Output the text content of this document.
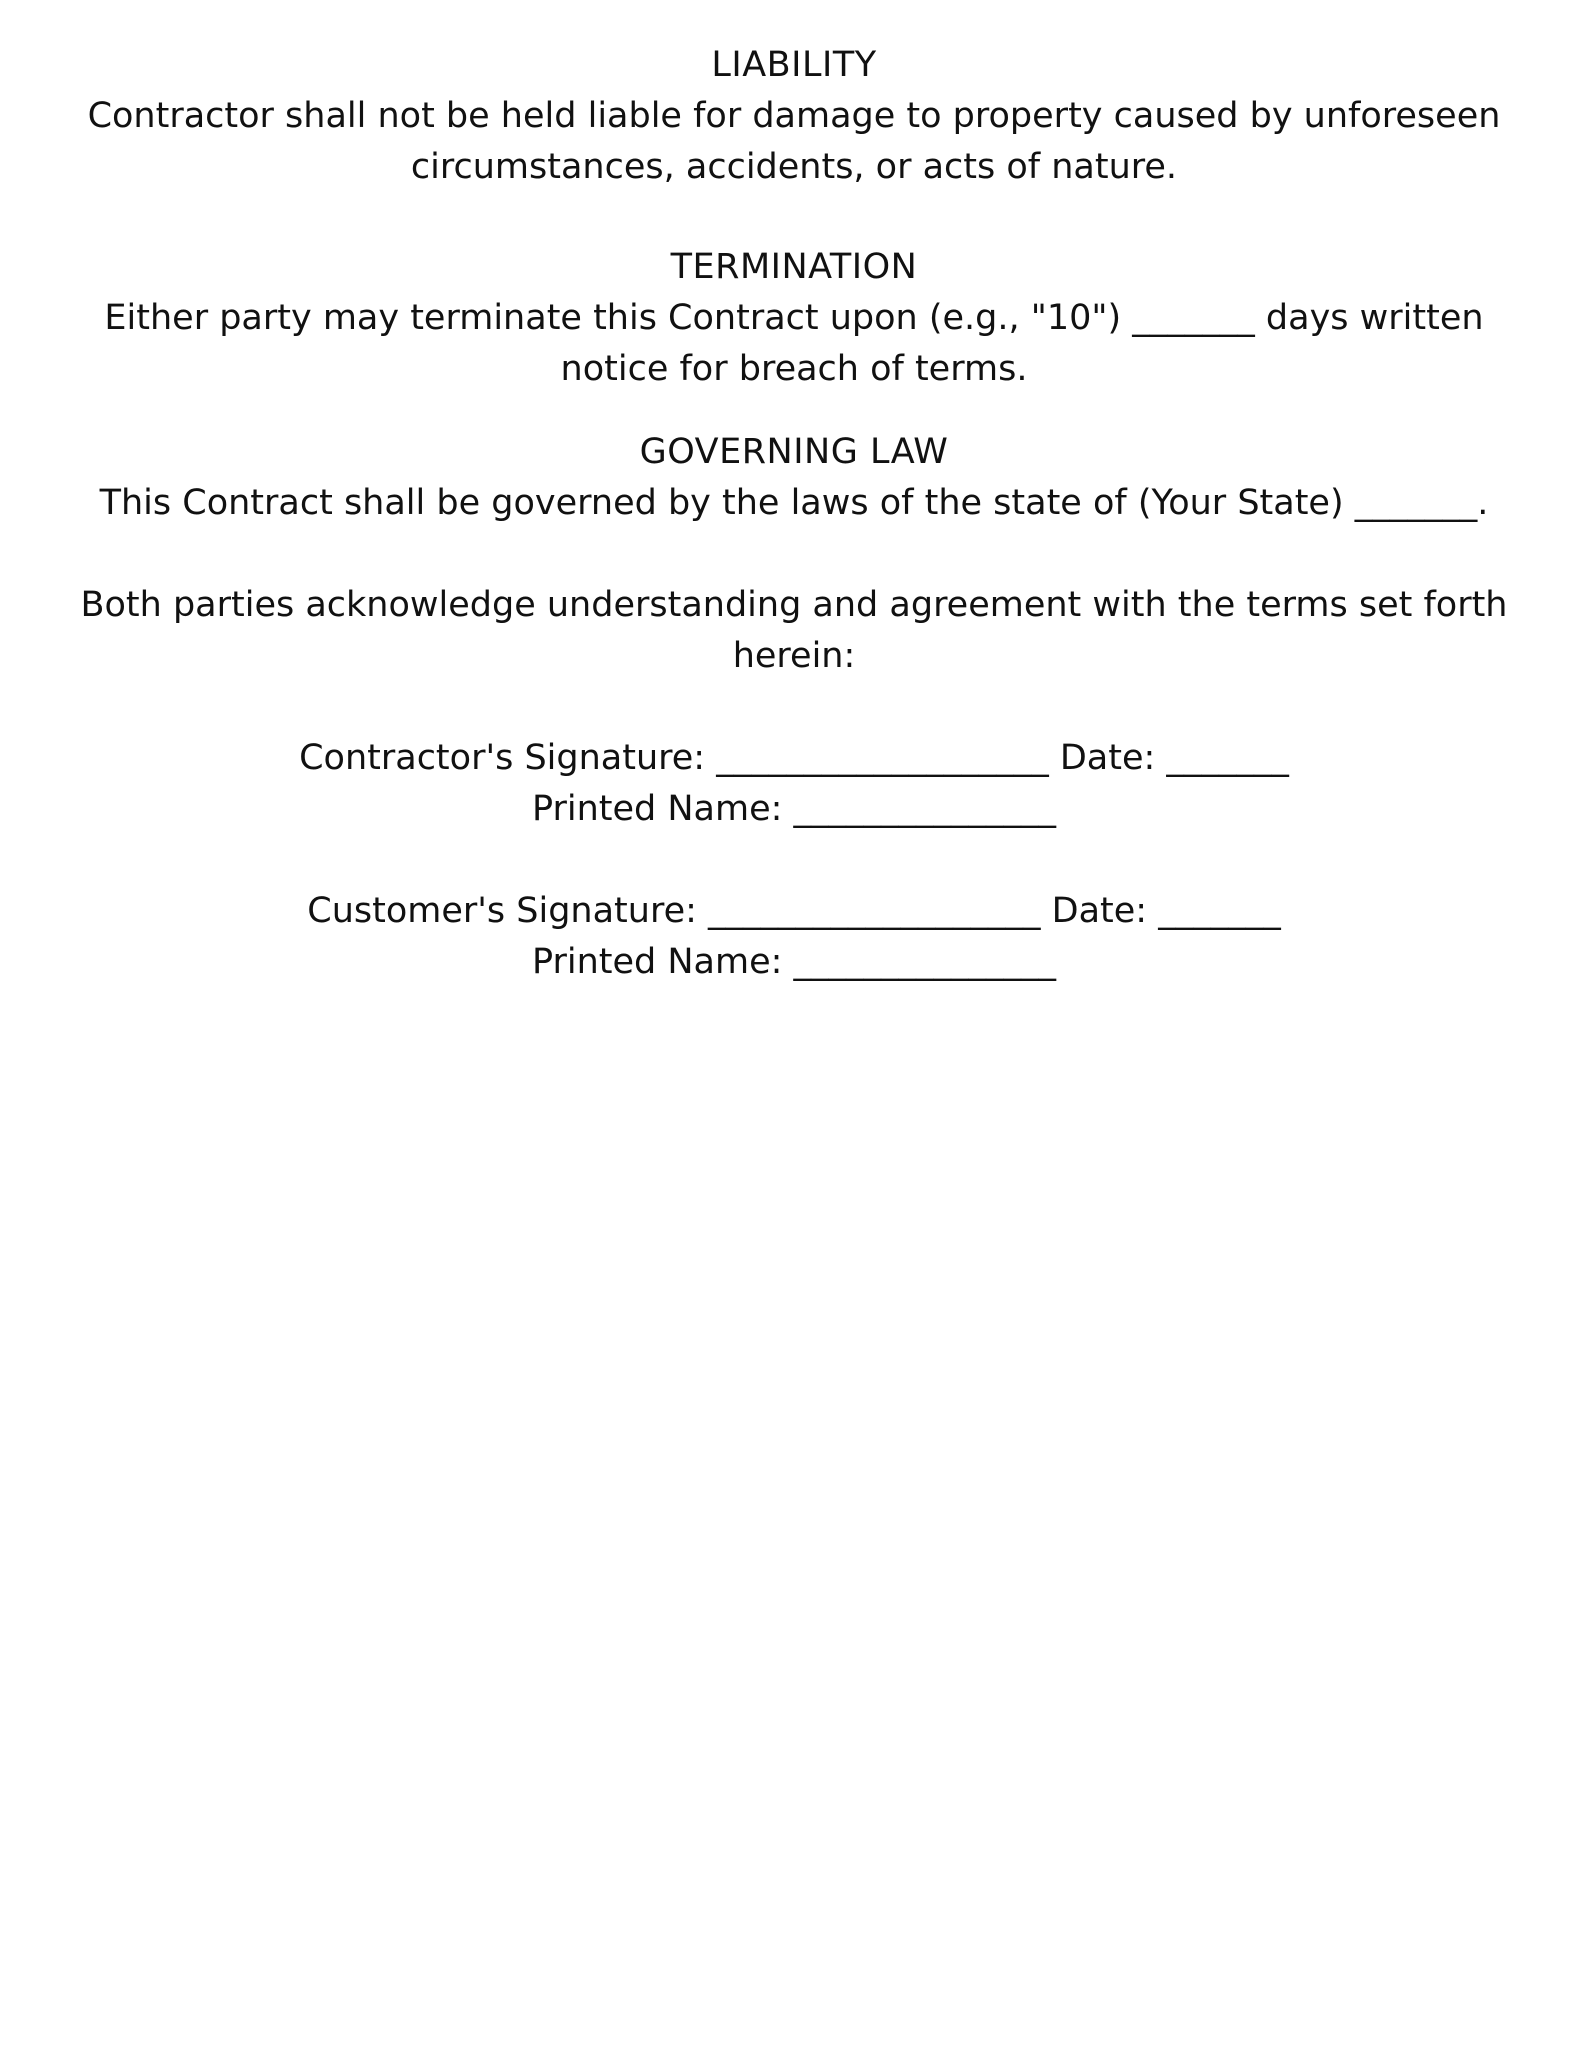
LIABILITY

Contractor shall not be held liable for damage to property caused by unforeseen circumstances, accidents, or acts of nature.

TERMINATION

Either party may terminate this Contract upon (e.g., "10") _______ days written notice for breach of terms.

GOVERNING LAW

This Contract shall be governed by the laws of the state of (Your State) _______.

Both parties acknowledge understanding and agreement with the terms set forth herein:

Contractor's Signature: ___________________ Date: _______

Printed Name: _______________

Customer's Signature: ___________________ Date: _______

Printed Name: _______________
